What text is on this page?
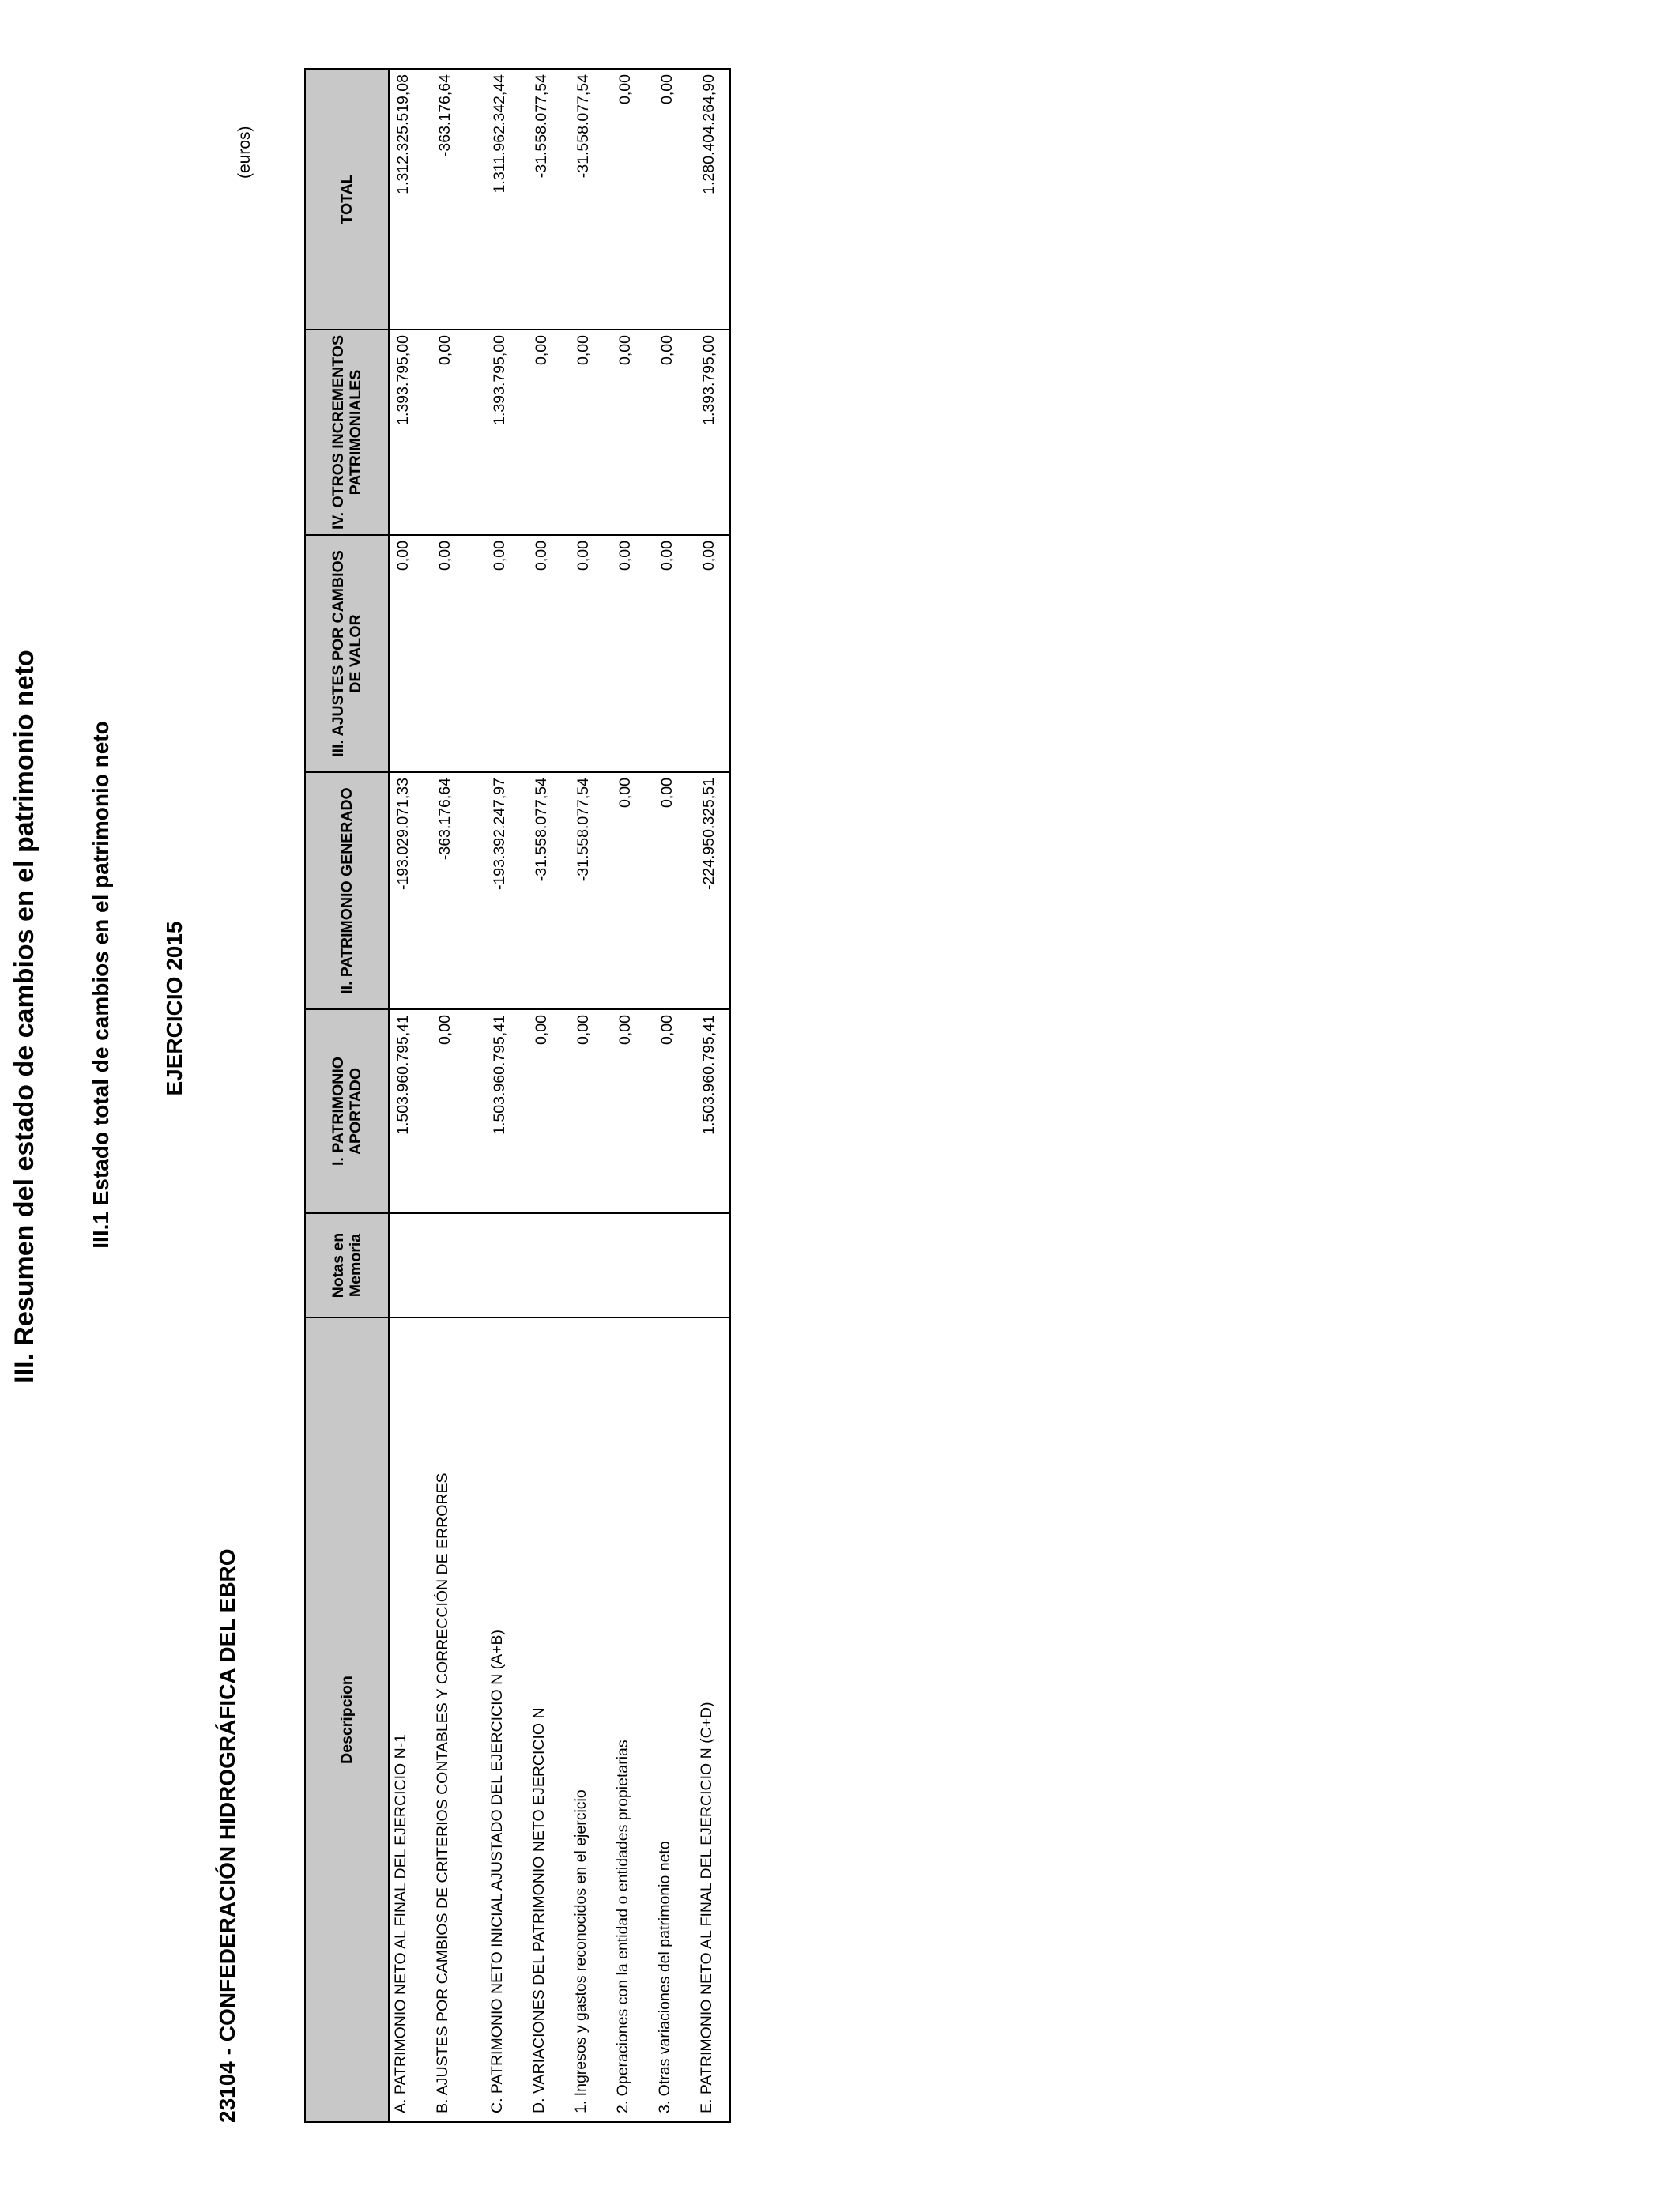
III. Resumen del estado de cambios en el patrimonio neto III.1 Estado total de cambios en el patrimonio neto EJERCICIO 2015
23104 - CONFEDERACIÓN HIDROGRÁFICA DEL EBRO
(euros)
Descripcion	Notas en Memoria	I. PATRIMONIO APORTADO	II. PATRIMONIO GENERADO	III. AJUSTES POR CAMBIOS DE VALOR	IV. OTROS INCREMENTOS PATRIMONIALES	TOTAL
A. PATRIMONIO NETO AL FINAL DEL EJERCICIO N-1		1.503.960.795,41	-193.029.071,33	0,00	1.393.795,00	1.312.325.519,08
B. AJUSTES POR CAMBIOS DE CRITERIOS CONTABLES Y CORRECCIÓN DE ERRORES		0,00	-363.176,64	0,00	0,00	-363.176,64
C. PATRIMONIO NETO INICIAL AJUSTADO DEL EJERCICIO N (A+B)		1.503.960.795,41	-193.392.247,97	0,00	1.393.795,00	1.311.962.342,44
D. VARIACIONES DEL PATRIMONIO NETO EJERCICIO N		0,00	-31.558.077,54	0,00	0,00	-31.558.077,54
1. Ingresos y gastos reconocidos en el ejercicio		0,00	-31.558.077,54	0,00	0,00	-31.558.077,54
2. Operaciones con la entidad o entidades propietarias		0,00	0,00	0,00	0,00	0,00
3. Otras variaciones del patrimonio neto		0,00	0,00	0,00	0,00	0,00
E. PATRIMONIO NETO AL FINAL DEL EJERCICIO N (C+D)		1.503.960.795,41	-224.950.325,51	0,00	1.393.795,00	1.280.404.264,90
